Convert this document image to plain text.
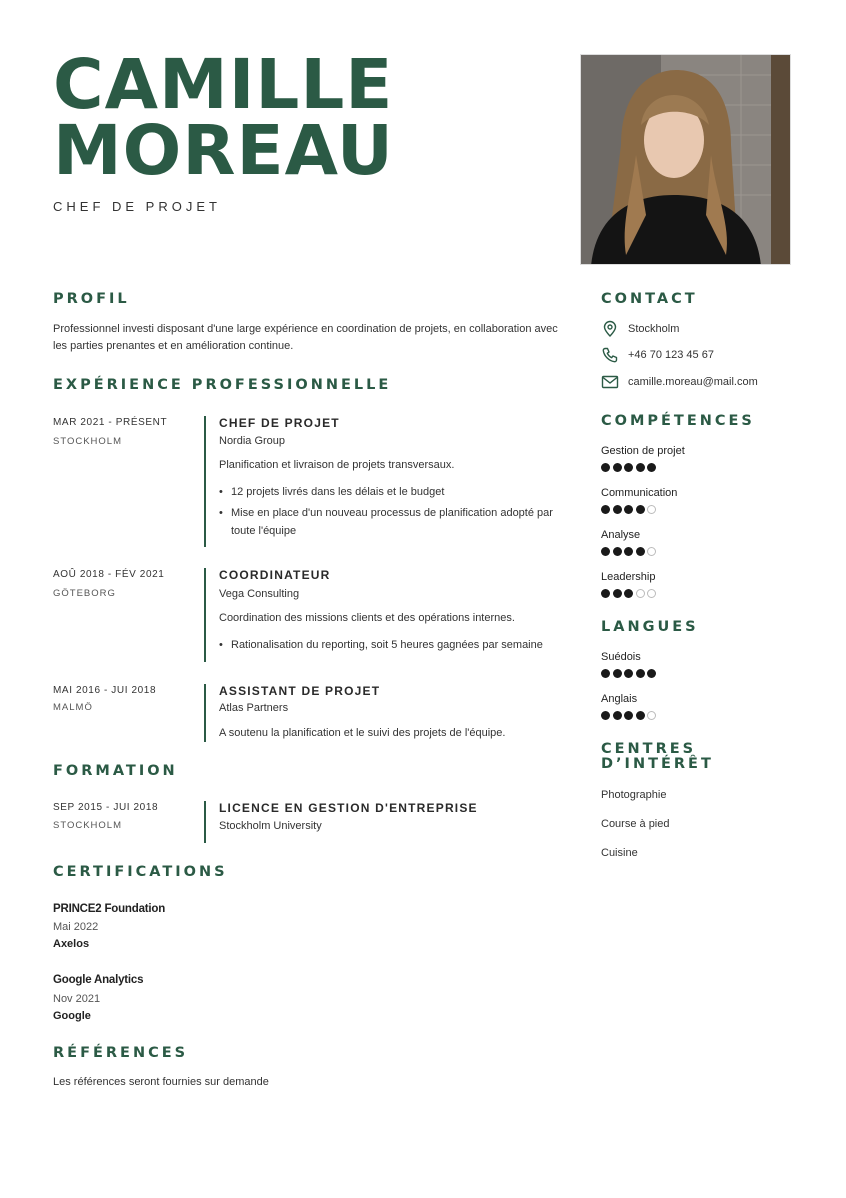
CAMILLE
MOREAU
CHEF DE PROJET
PROFIL
Professionnel investi disposant d'une large expérience en coordination de projets, en collaboration avec
les parties prenantes et en amélioration continue.
EXPÉRIENCE PROFESSIONNELLE
MAR 2021 - PRÉSENT
STOCKHOLM
CHEF DE PROJET
Nordia Group
Planification et livraison de projets transversaux.
• 12 projets livrés dans les délais et le budget
• Mise en place d'un nouveau processus de planification adopté par toute l'équipe
AOÛ 2018 - FÉV 2021
GÖTEBORG
COORDINATEUR
Vega Consulting
Coordination des missions clients et des opérations internes.
• Rationalisation du reporting, soit 5 heures gagnées par semaine
MAI 2016 - JUI 2018
MALMÖ
ASSISTANT DE PROJET
Atlas Partners
A soutenu la planification et le suivi des projets de l'équipe.
FORMATION
SEP 2015 - JUI 2018
STOCKHOLM
LICENCE EN GESTION D'ENTREPRISE
Stockholm University
CERTIFICATIONS
PRINCE2 Foundation
Mai 2022
Axelos
Google Analytics
Nov 2021
Google
RÉFÉRENCES
Les références seront fournies sur demande
CONTACT
Stockholm
+46 70 123 45 67
camille.moreau@mail.com
COMPÉTENCES
Gestion de projet
Communication
Analyse
Leadership
LANGUES
Suédois
Anglais
CENTRES
D’INTÉRÊT
Photographie
Course à pied
Cuisine
